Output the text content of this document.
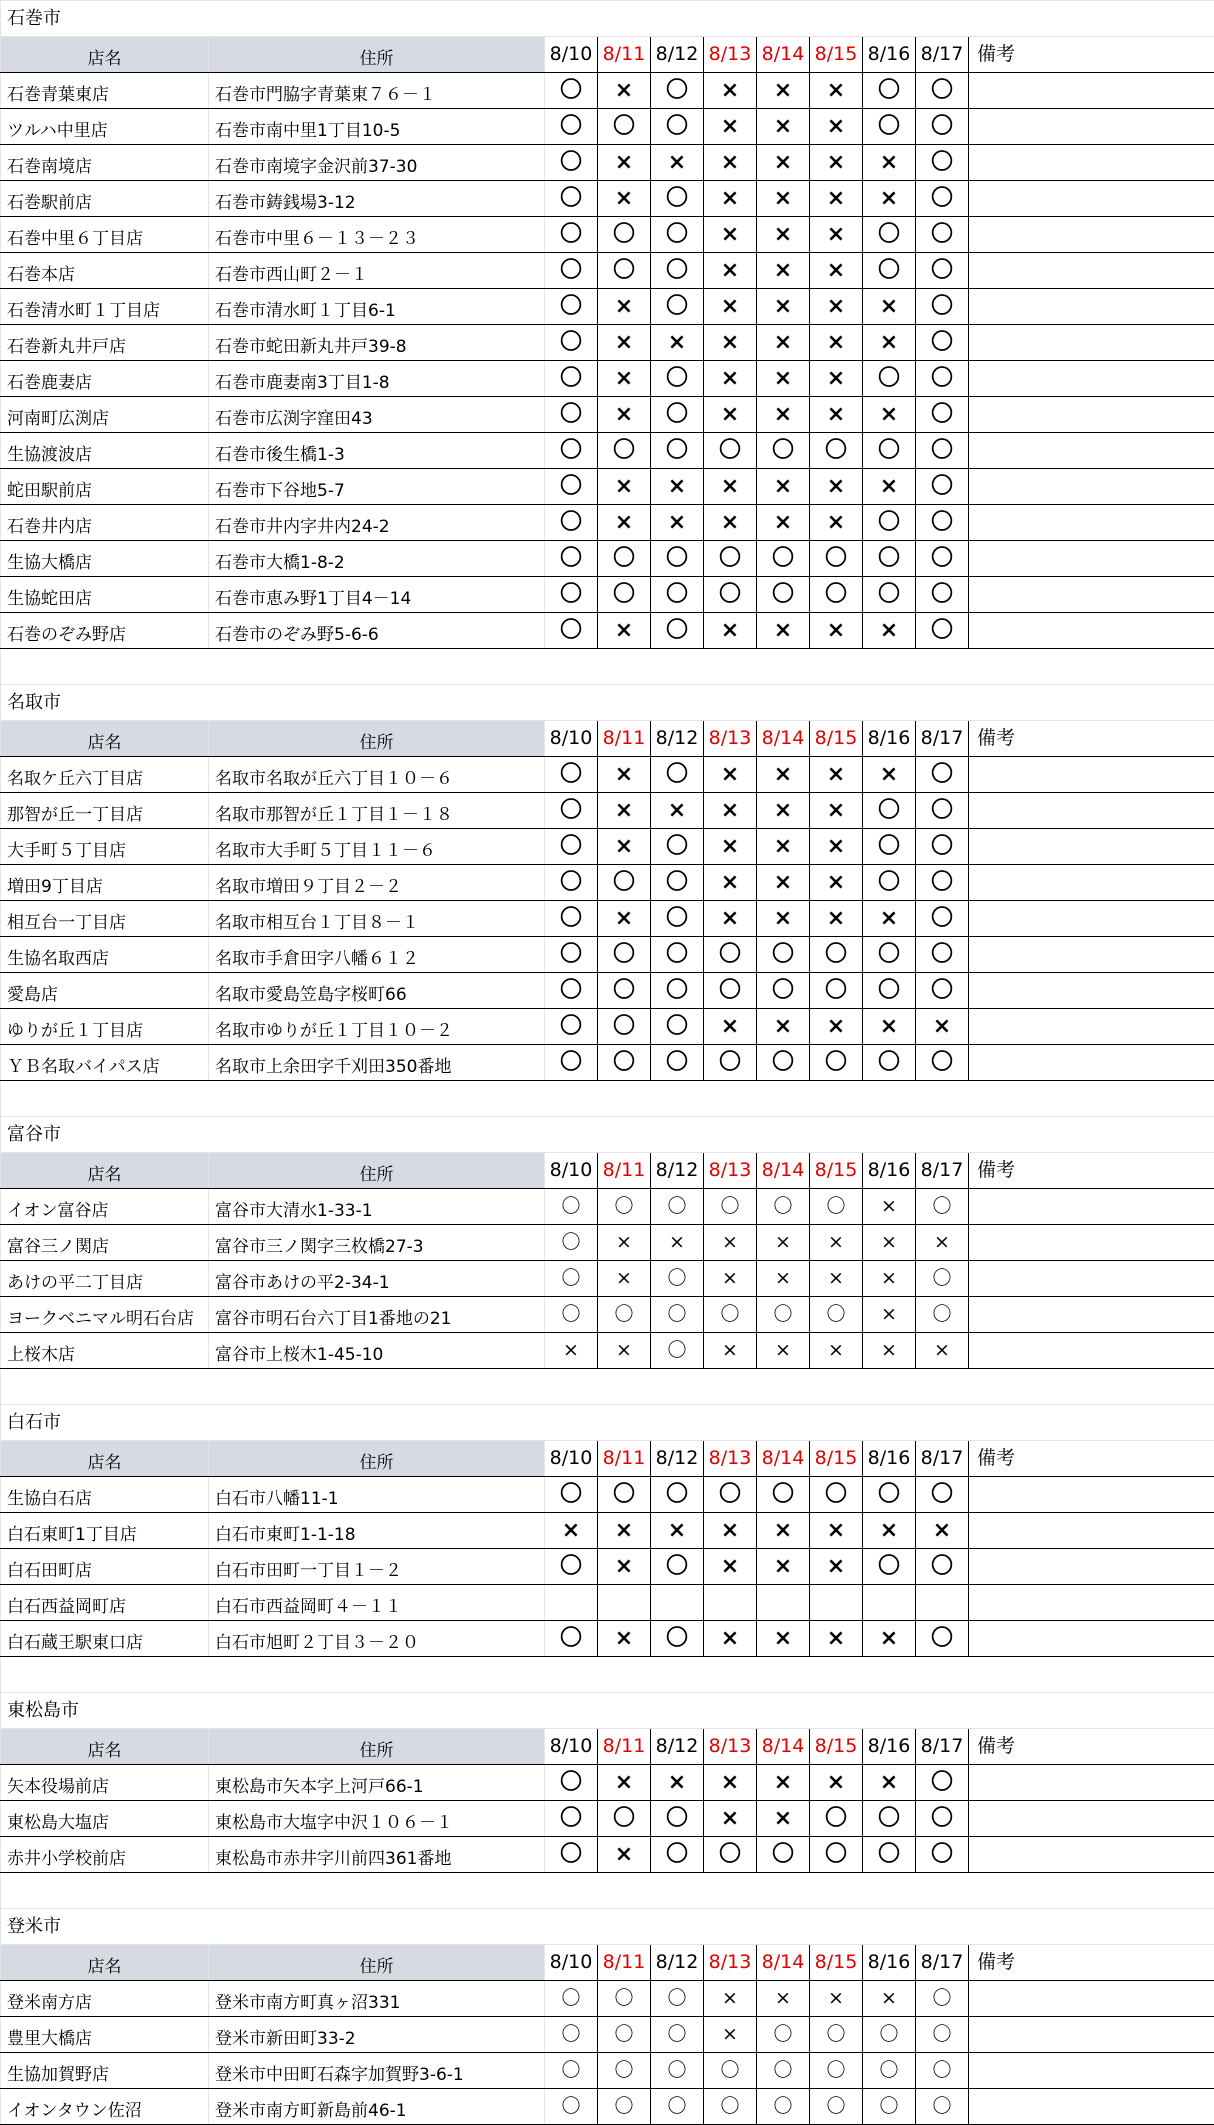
石巻市										
店名	住所	8/10	8/11	8/12	8/13	8/14	8/15	8/16	8/17	備考
石巻青葉東店	石巻市門脇字青葉東７６－１	〇	×	〇	×	×	×	〇	〇	
ツルハ中里店	石巻市南中里1丁目10-5	〇	〇	〇	×	×	×	〇	〇	
石巻南境店	石巻市南境字金沢前37-30	〇	×	×	×	×	×	×	〇	
石巻駅前店	石巻市鋳銭場3-12	〇	×	〇	×	×	×	×	〇	
石巻中里６丁目店	石巻市中里６－１３－２３	〇	〇	〇	×	×	×	〇	〇	
石巻本店	石巻市西山町２－１	〇	〇	〇	×	×	×	〇	〇	
石巻清水町１丁目店	石巻市清水町１丁目6-1	〇	×	〇	×	×	×	×	〇	
石巻新丸井戸店	石巻市蛇田新丸井戸39-8	〇	×	×	×	×	×	×	〇	
石巻鹿妻店	石巻市鹿妻南3丁目1-8	〇	×	〇	×	×	×	〇	〇	
河南町広渕店	石巻市広渕字窪田43	〇	×	〇	×	×	×	×	〇	
生協渡波店	石巻市後生橋1-3	〇	〇	〇	〇	〇	〇	〇	〇	
蛇田駅前店	石巻市下谷地5-7	〇	×	×	×	×	×	×	〇	
石巻井内店	石巻市井内字井内24-2	〇	×	×	×	×	×	〇	〇	
生協大橋店	石巻市大橋1-8-2	〇	〇	〇	〇	〇	〇	〇	〇	
生協蛇田店	石巻市恵み野1丁目4－14	〇	〇	〇	〇	〇	〇	〇	〇	
石巻のぞみ野店	石巻市のぞみ野5-6-6	〇	×	〇	×	×	×	×	〇	

名取市										
店名	住所	8/10	8/11	8/12	8/13	8/14	8/15	8/16	8/17	備考
名取ケ丘六丁目店	名取市名取が丘六丁目１０－６	〇	×	〇	×	×	×	×	〇	
那智が丘一丁目店	名取市那智が丘１丁目１－１８	〇	×	×	×	×	×	〇	〇	
大手町５丁目店	名取市大手町５丁目１１－６	〇	×	〇	×	×	×	〇	〇	
増田9丁目店	名取市増田９丁目２－２	〇	〇	〇	×	×	×	〇	〇	
相互台一丁目店	名取市相互台１丁目８－１	〇	×	〇	×	×	×	×	〇	
生協名取西店	名取市手倉田字八幡６１２	〇	〇	〇	〇	〇	〇	〇	〇	
愛島店	名取市愛島笠島字桜町66	〇	〇	〇	〇	〇	〇	〇	〇	
ゆりが丘１丁目店	名取市ゆりが丘１丁目１０－２	〇	〇	〇	×	×	×	×	×	
ＹＢ名取バイパス店	名取市上余田字千刈田350番地	〇	〇	〇	〇	〇	〇	〇	〇	

富谷市										
店名	住所	8/10	8/11	8/12	8/13	8/14	8/15	8/16	8/17	備考
イオン富谷店	富谷市大清水1-33-1	〇	〇	〇	〇	〇	〇	×	〇	
富谷三ノ関店	富谷市三ノ関字三枚橋27-3	〇	×	×	×	×	×	×	×	
あけの平二丁目店	富谷市あけの平2-34-1	〇	×	〇	×	×	×	×	〇	
ヨークベニマル明石台店	富谷市明石台六丁目1番地の21	〇	〇	〇	〇	〇	〇	×	〇	
上桜木店	富谷市上桜木1-45-10	×	×	〇	×	×	×	×	×	

白石市										
店名	住所	8/10	8/11	8/12	8/13	8/14	8/15	8/16	8/17	備考
生協白石店	白石市八幡11-1	〇	〇	〇	〇	〇	〇	〇	〇	
白石東町1丁目店	白石市東町1-1-18	×	×	×	×	×	×	×	×	
白石田町店	白石市田町一丁目１－２	〇	×	〇	×	×	×	〇	〇	
白石西益岡町店	白石市西益岡町４－１１									
白石蔵王駅東口店	白石市旭町２丁目３－２０	〇	×	〇	×	×	×	×	〇	

東松島市										
店名	住所	8/10	8/11	8/12	8/13	8/14	8/15	8/16	8/17	備考
矢本役場前店	東松島市矢本字上河戸66-1	〇	×	×	×	×	×	×	〇	
東松島大塩店	東松島市大塩字中沢１０６－１	〇	〇	〇	×	×	〇	〇	〇	
赤井小学校前店	東松島市赤井字川前四361番地	〇	×	〇	〇	〇	〇	〇	〇	

登米市										
店名	住所	8/10	8/11	8/12	8/13	8/14	8/15	8/16	8/17	備考
登米南方店	登米市南方町真ヶ沼331	〇	〇	〇	×	×	×	×	〇	
豊里大橋店	登米市新田町33-2	〇	〇	〇	×	〇	〇	〇	〇	
生協加賀野店	登米市中田町石森字加賀野3-6-1	〇	〇	〇	〇	〇	〇	〇	〇	
イオンタウン佐沼	登米市南方町新島前46-1	〇	〇	〇	〇	〇	〇	〇	〇	
